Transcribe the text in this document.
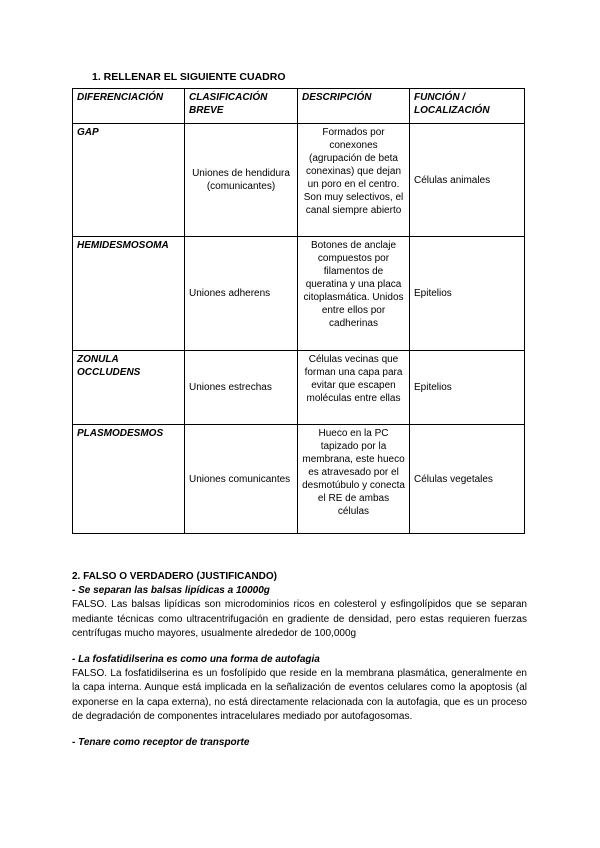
1. RELLENAR EL SIGUIENTE CUADRO
DIFERENCIACIÓN	CLASIFICACIÓN BREVE	DESCRIPCIÓN	FUNCIÓN / LOCALIZACIÓN
GAP	Uniones de hendidura (comunicantes)	Formados por conexones (agrupación de beta conexinas) que dejan un poro en el centro. Son muy selectivos, el canal siempre abierto	Células animales
HEMIDESMOSOMA	Uniones adherens	Botones de anclaje compuestos por filamentos de queratina y una placa citoplasmática. Unidos entre ellos por cadherinas	Epitelios
ZONULA OCCLUDENS	Uniones estrechas	Células vecinas que forman una capa para evitar que escapen moléculas entre ellas	Epitelios
PLASMODESMOS	Uniones comunicantes	Hueco en la PC tapizado por la membrana, este hueco es atravesado por el desmotúbulo y conecta el RE de ambas células	Células vegetales
2. FALSO O VERDADERO (JUSTIFICANDO)
- Se separan las balsas lipídicas a 10000g
FALSO. Las balsas lipídicas son microdominios ricos en colesterol y esfingolípidos que se separan mediante técnicas como ultracentrifugación en gradiente de densidad, pero estas requieren fuerzas centrífugas mucho mayores, usualmente alrededor de 100,000g
- La fosfatidilserina es como una forma de autofagia
FALSO. La fosfatidilserina es un fosfolípido que reside en la membrana plasmática, generalmente en la capa interna. Aunque está implicada en la señalización de eventos celulares como la apoptosis (al exponerse en la capa externa), no está directamente relacionada con la autofagia, que es un proceso de degradación de componentes intracelulares mediado por autofagosomas.
- Tenare como receptor de transporte
